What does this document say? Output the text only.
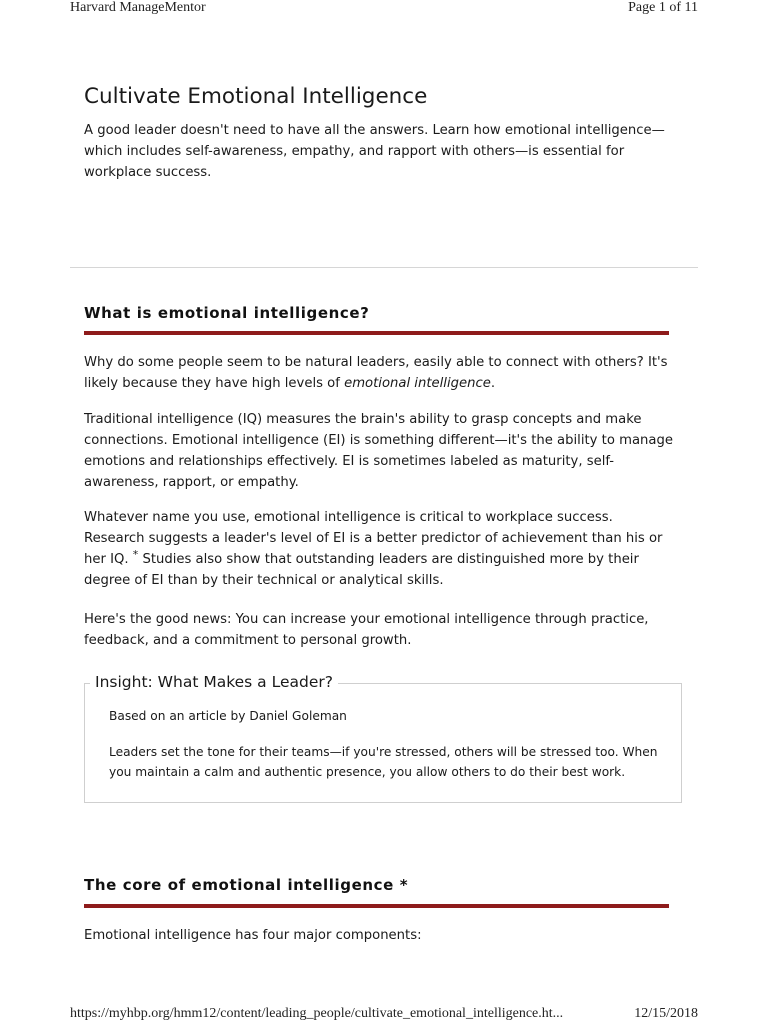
Harvard ManageMentor	Page 1 of 11
Cultivate Emotional Intelligence

A good leader doesn't need to have all the answers. Learn how emotional intelligence—which includes self-awareness, empathy, and rapport with others—is essential for workplace success.

What is emotional intelligence?

Why do some people seem to be natural leaders, easily able to connect with others? It's likely because they have high levels of emotional intelligence.

Traditional intelligence (IQ) measures the brain's ability to grasp concepts and make connections. Emotional intelligence (EI) is something different—it's the ability to manage emotions and relationships effectively. EI is sometimes labeled as maturity, self-awareness, rapport, or empathy.

Whatever name you use, emotional intelligence is critical to workplace success. Research suggests a leader's level of EI is a better predictor of achievement than his or her IQ. * Studies also show that outstanding leaders are distinguished more by their degree of EI than by their technical or analytical skills.

Here's the good news: You can increase your emotional intelligence through practice, feedback, and a commitment to personal growth.

Insight: What Makes a Leader?

Based on an article by Daniel Goleman

Leaders set the tone for their teams—if you're stressed, others will be stressed too. When you maintain a calm and authentic presence, you allow others to do their best work.

The core of emotional intelligence *

Emotional intelligence has four major components:

https://myhbp.org/hmm12/content/leading_people/cultivate_emotional_intelligence.ht...	12/15/2018
